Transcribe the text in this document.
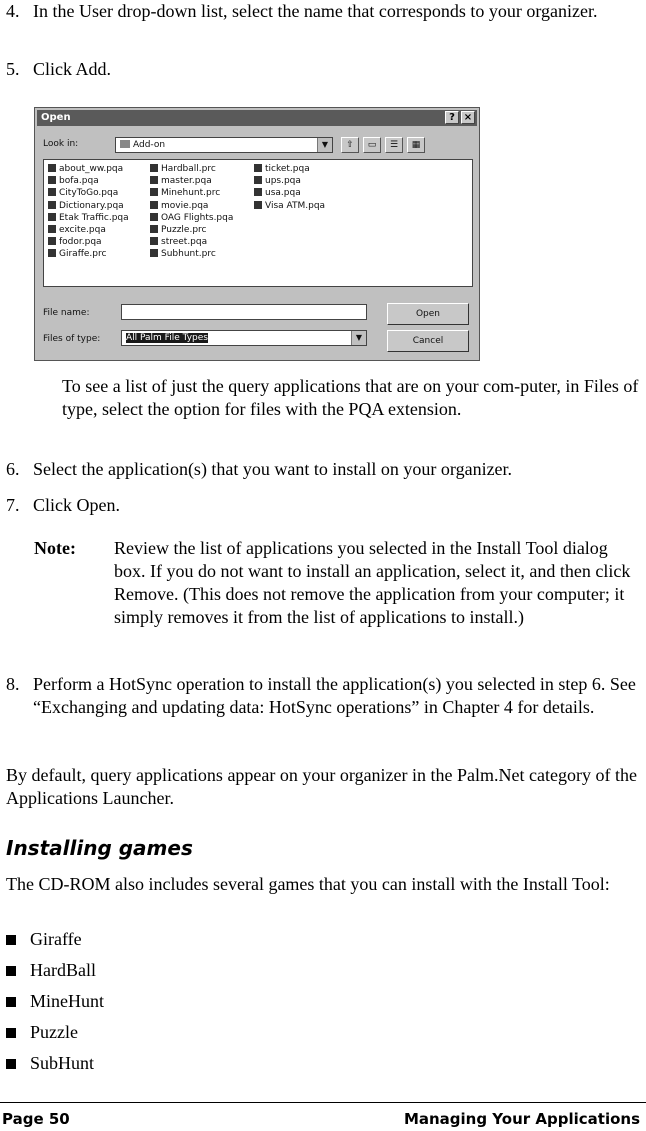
4. In the User drop-down list, select the name that corresponds to your organizer.
5. Click Add.
Open	? ×
Look in:	Add-on	▼	⇧	▭	☰	▦
about_ww.pqa
bofa.pqa
CityToGo.pqa
Dictionary.pqa
Etak Traffic.pqa
excite.pqa
fodor.pqa
Giraffe.prc
Hardball.prc
master.pqa
Minehunt.prc
movie.pqa
OAG Flights.pqa
Puzzle.prc
street.pqa
Subhunt.prc
ticket.pqa
ups.pqa
usa.pqa
Visa ATM.pqa
File name:
Files of type:	All Palm File Types	▼
Open
Cancel
To see a list of just the query applications that are on your com-puter, in Files of type, select the option for files with the PQA extension.
6. Select the application(s) that you want to install on your organizer.
7. Click Open.
Note: Review the list of applications you selected in the Install Tool dialog box. If you do not want to install an application, select it, and then click Remove. (This does not remove the application from your computer; it simply removes it from the list of applications to install.)
8. Perform a HotSync operation to install the application(s) you selected in step 6. See “Exchanging and updating data: HotSync operations” in Chapter 4 for details.
By default, query applications appear on your organizer in the Palm.Net category of the Applications Launcher.
Installing games
The CD-ROM also includes several games that you can install with the Install Tool:
Giraffe
HardBall
MineHunt
Puzzle
SubHunt
Page 50	Managing Your Applications
